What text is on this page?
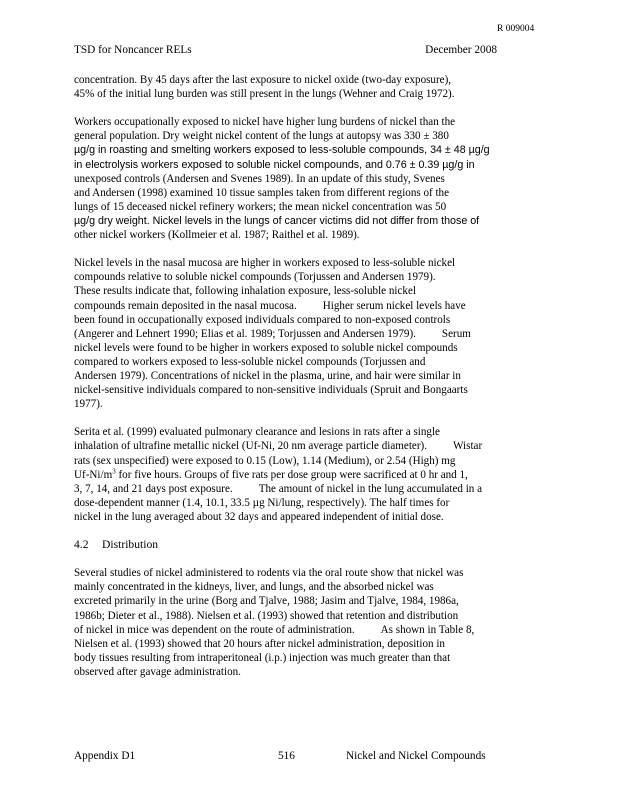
R 009004
TSD for Noncancer RELs	December 2008
concentration. By 45 days after the last exposure to nickel oxide (two-day exposure),
45% of the initial lung burden was still present in the lungs (Wehner and Craig 1972).
Workers occupationally exposed to nickel have higher lung burdens of nickel than the
general population. Dry weight nickel content of the lungs at autopsy was 330 ± 380
µg/g in roasting and smelting workers exposed to less-soluble compounds, 34 ± 48 µg/g
in electrolysis workers exposed to soluble nickel compounds, and 0.76 ± 0.39 µg/g in
unexposed controls (Andersen and Svenes 1989). In an update of this study, Svenes
and Andersen (1998) examined 10 tissue samples taken from different regions of the
lungs of 15 deceased nickel refinery workers; the mean nickel concentration was 50
µg/g dry weight. Nickel levels in the lungs of cancer victims did not differ from those of
other nickel workers (Kollmeier et al. 1987; Raithel et al. 1989).
Nickel levels in the nasal mucosa are higher in workers exposed to less-soluble nickel
compounds relative to soluble nickel compounds (Torjussen and Andersen 1979).
These results indicate that, following inhalation exposure, less-soluble nickel
compounds remain deposited in the nasal mucosa. Higher serum nickel levels have
been found in occupationally exposed individuals compared to non-exposed controls
(Angerer and Lehnert 1990; Elias et al. 1989; Torjussen and Andersen 1979). Serum
nickel levels were found to be higher in workers exposed to soluble nickel compounds
compared to workers exposed to less-soluble nickel compounds (Torjussen and
Andersen 1979). Concentrations of nickel in the plasma, urine, and hair were similar in
nickel-sensitive individuals compared to non-sensitive individuals (Spruit and Bongaarts
1977).
Serita et al. (1999) evaluated pulmonary clearance and lesions in rats after a single
inhalation of ultrafine metallic nickel (Uf-Ni, 20 nm average particle diameter). Wistar
rats (sex unspecified) were exposed to 0.15 (Low), 1.14 (Medium), or 2.54 (High) mg
$Uf-Ni/m^3$ for five hours. Groups of five rats per dose group were sacrificed at 0 hr and 1,
3, 7, 14, and 21 days post exposure. The amount of nickel in the lung accumulated in a
dose-dependent manner (1.4, 10.1, 33.5 µg Ni/lung, respectively). The half times for
nickel in the lung averaged about 32 days and appeared independent of initial dose.
4.2 Distribution
Several studies of nickel administered to rodents via the oral route show that nickel was
mainly concentrated in the kidneys, liver, and lungs, and the absorbed nickel was
excreted primarily in the urine (Borg and Tjalve, 1988; Jasim and Tjalve, 1984, 1986a,
1986b; Dieter et al., 1988). Nielsen et al. (1993) showed that retention and distribution
of nickel in mice was dependent on the route of administration. As shown in Table 8,
Nielsen et al. (1993) showed that 20 hours after nickel administration, deposition in
body tissues resulting from intraperitoneal (i.p.) injection was much greater than that
observed after gavage administration.
Appendix D1	516	Nickel and Nickel Compounds
